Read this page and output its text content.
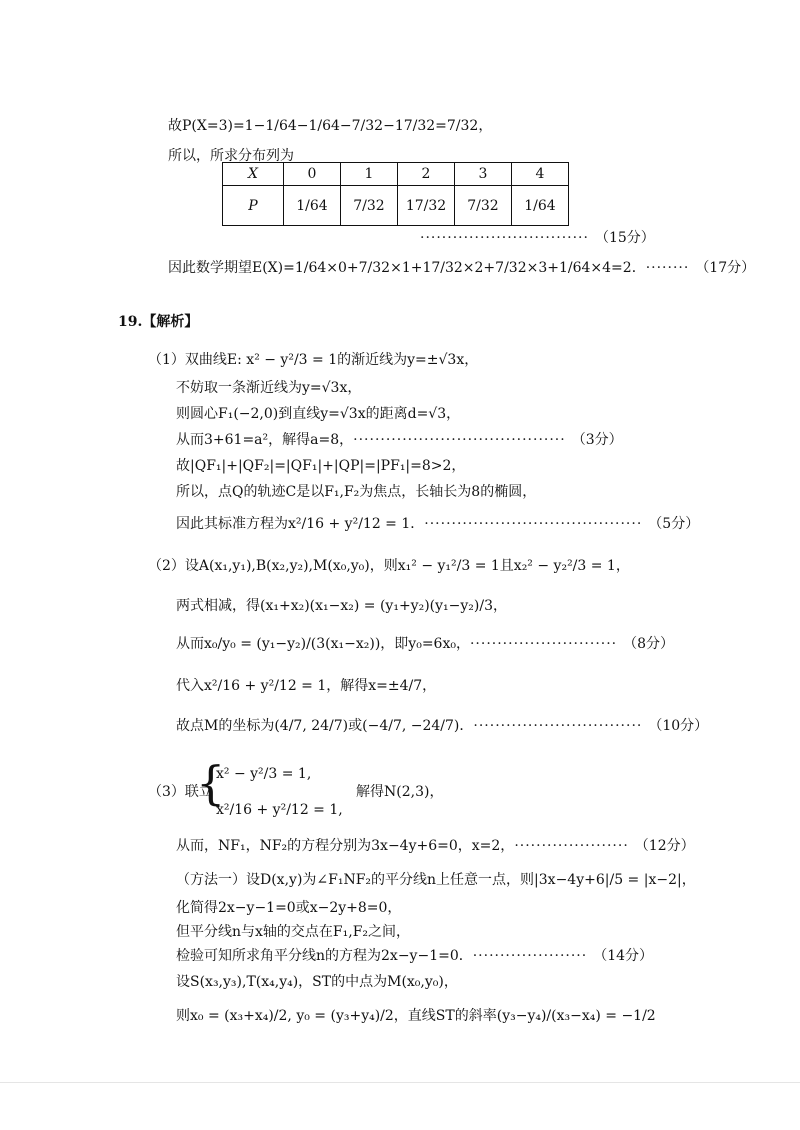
故P(X=3)=1−1/64−1/64−7/32−17/32=7/32，
所以，所求分布列为
X	0	1	2	3	4
P	1/64	7/32	17/32	7/32	1/64
······························· （15分）
因此数学期望E(X)=1/64×0+7/32×1+17/32×2+7/32×3+1/64×4=2．········ （17分）
19.【解析】
（1）双曲线E: x² − y²/3 = 1的渐近线为y=±√3x，
不妨取一条渐近线为y=√3x，
则圆心F₁(−2,0)到直线y=√3x的距离d=√3，
从而3+61=a²，解得a=8，······································· （3分）
故|QF₁|+|QF₂|=|QF₁|+|QP|=|PF₁|=8>2，
所以，点Q的轨迹C是以F₁,F₂为焦点，长轴长为8的椭圆，
因此其标准方程为x²/16 + y²/12 = 1．········································ （5分）
（2）设A(x₁,y₁),B(x₂,y₂),M(x₀,y₀)，则x₁² − y₁²/3 = 1且x₂² − y₂²/3 = 1，
两式相减，得(x₁+x₂)(x₁−x₂) = (y₁+y₂)(y₁−y₂)/3，
从而x₀/y₀ = (y₁−y₂)/(3(x₁−x₂))，即y₀=6x₀，··························· （8分）
代入x²/16 + y²/12 = 1，解得x=±4/7，
故点M的坐标为(4/7, 24/7)或(−4/7, −24/7)．······························· （10分）
（3）联立
{
x² − y²/3 = 1,
x²/16 + y²/12 = 1,
解得N(2,3)，
从而，NF₁，NF₂的方程分别为3x−4y+6=0，x=2，····················· （12分）
（方法一）设D(x,y)为∠F₁NF₂的平分线n上任意一点，则|3x−4y+6|/5 = |x−2|，
化简得2x−y−1=0或x−2y+8=0，
但平分线n与x轴的交点在F₁,F₂之间，
检验可知所求角平分线n的方程为2x−y−1=0．····················· （14分）
设S(x₃,y₃),T(x₄,y₄)，ST的中点为M(x₀,y₀)，
则x₀ = (x₃+x₄)/2, y₀ = (y₃+y₄)/2，直线ST的斜率(y₃−y₄)/(x₃−x₄) = −1/2
